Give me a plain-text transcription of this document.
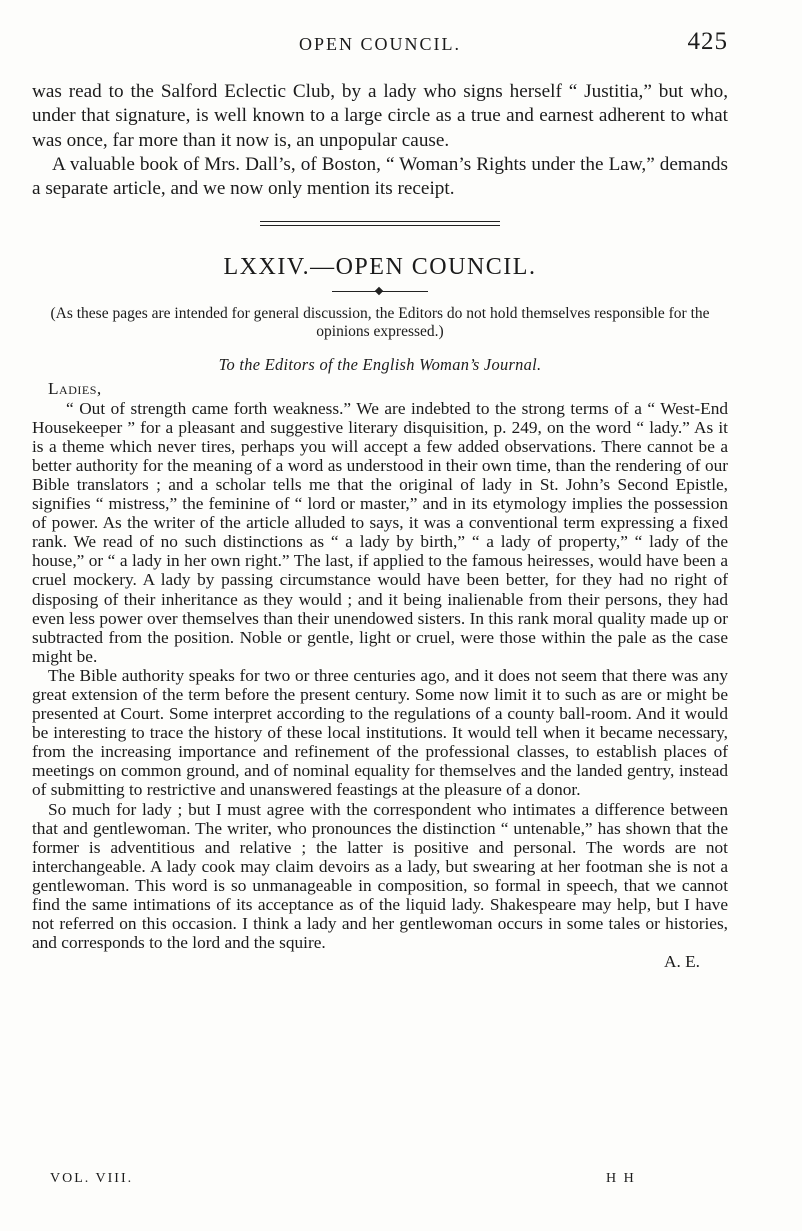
OPEN COUNCIL.	425

was read to the Salford Eclectic Club, by a lady who signs herself “ Justitia,” but who, under that signature, is well known to a large circle as a true and earnest adherent to what was once, far more than it now is, an unpopular cause.

A valuable book of Mrs. Dall’s, of Boston, “ Woman’s Rights under the Law,” demands a separate article, and we now only mention its receipt.

LXXIV.—OPEN COUNCIL.
(As these pages are intended for general discussion, the Editors do not hold themselves responsible for the opinions expressed.)
To the Editors of the English Woman’s Journal.
Ladies,

“ Out of strength came forth weakness.” We are indebted to the strong terms of a “ West-End Housekeeper ” for a pleasant and suggestive literary disquisition, p. 249, on the word “ lady.” As it is a theme which never tires, perhaps you will accept a few added observations. There cannot be a better authority for the meaning of a word as understood in their own time, than the rendering of our Bible translators ; and a scholar tells me that the original of lady in St. John’s Second Epistle, signifies “ mistress,” the feminine of “ lord or master,” and in its etymology implies the possession of power. As the writer of the article alluded to says, it was a conventional term expressing a fixed rank. We read of no such distinctions as “ a lady by birth,” “ a lady of property,” “ lady of the house,” or “ a lady in her own right.” The last, if applied to the famous heiresses, would have been a cruel mockery. A lady by passing circumstance would have been better, for they had no right of disposing of their inheritance as they would ; and it being inalienable from their persons, they had even less power over themselves than their unendowed sisters. In this rank moral quality made up or subtracted from the position. Noble or gentle, light or cruel, were those within the pale as the case might be.

The Bible authority speaks for two or three centuries ago, and it does not seem that there was any great extension of the term before the present century. Some now limit it to such as are or might be presented at Court. Some interpret according to the regulations of a county ball-room. And it would be interesting to trace the history of these local institutions. It would tell when it became necessary, from the increasing importance and refinement of the professional classes, to establish places of meetings on common ground, and of nominal equality for themselves and the landed gentry, instead of submitting to restrictive and unanswered feastings at the pleasure of a donor.

So much for lady ; but I must agree with the correspondent who intimates a difference between that and gentlewoman. The writer, who pronounces the distinction “ untenable,” has shown that the former is adventitious and relative ; the latter is positive and personal. The words are not interchangeable. A lady cook may claim devoirs as a lady, but swearing at her footman she is not a gentlewoman. This word is so unmanageable in composition, so formal in speech, that we cannot find the same intimations of its acceptance as of the liquid lady. Shakespeare may help, but I have not referred on this occasion. I think a lady and her gentlewoman occurs in some tales or histories, and corresponds to the lord and the squire.

A. E.
VOL. VIII.	H H
